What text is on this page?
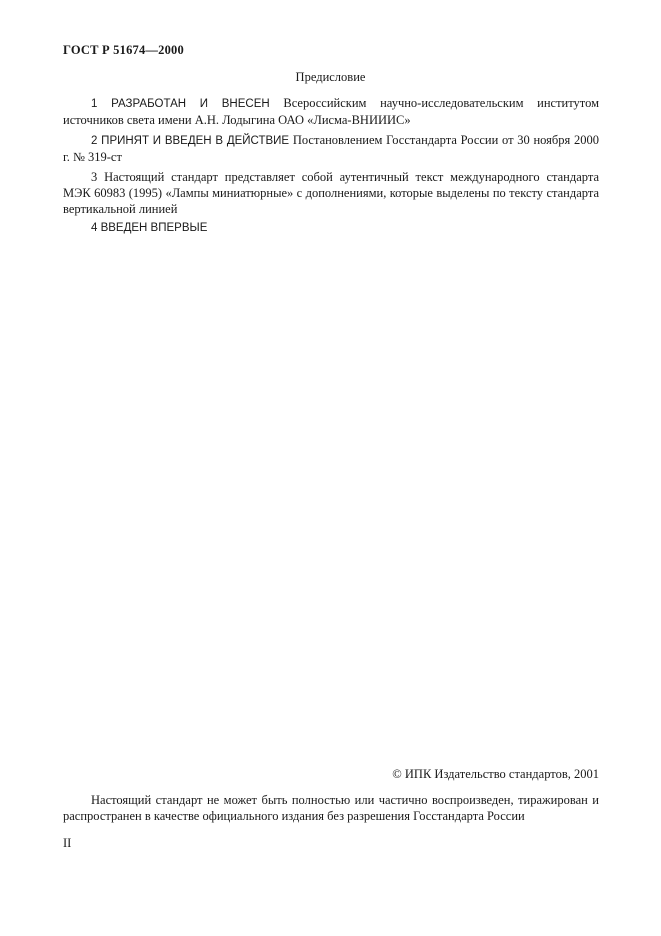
ГОСТ Р 51674—2000
Предисловие

1 РАЗРАБОТАН И ВНЕСЕН Всероссийским научно-исследовательским институтом источников света имени А.Н. Лодыгина ОАО «Лисма-ВНИИИС»

2 ПРИНЯТ И ВВЕДЕН В ДЕЙСТВИЕ Постановлением Госстандарта России от 30 ноября 2000 г. № 319-ст

3 Настоящий стандарт представляет собой аутентичный текст международного стандарта МЭК 60983 (1995) «Лампы миниатюрные» с дополнениями, которые выделены по тексту стандарта вертикальной линией

4 ВВЕДЕН ВПЕРВЫЕ

© ИПК Издательство стандартов, 2001

Настоящий стандарт не может быть полностью или частично воспроизведен, тиражирован и распространен в качестве официального издания без разрешения Госстандарта России

II
